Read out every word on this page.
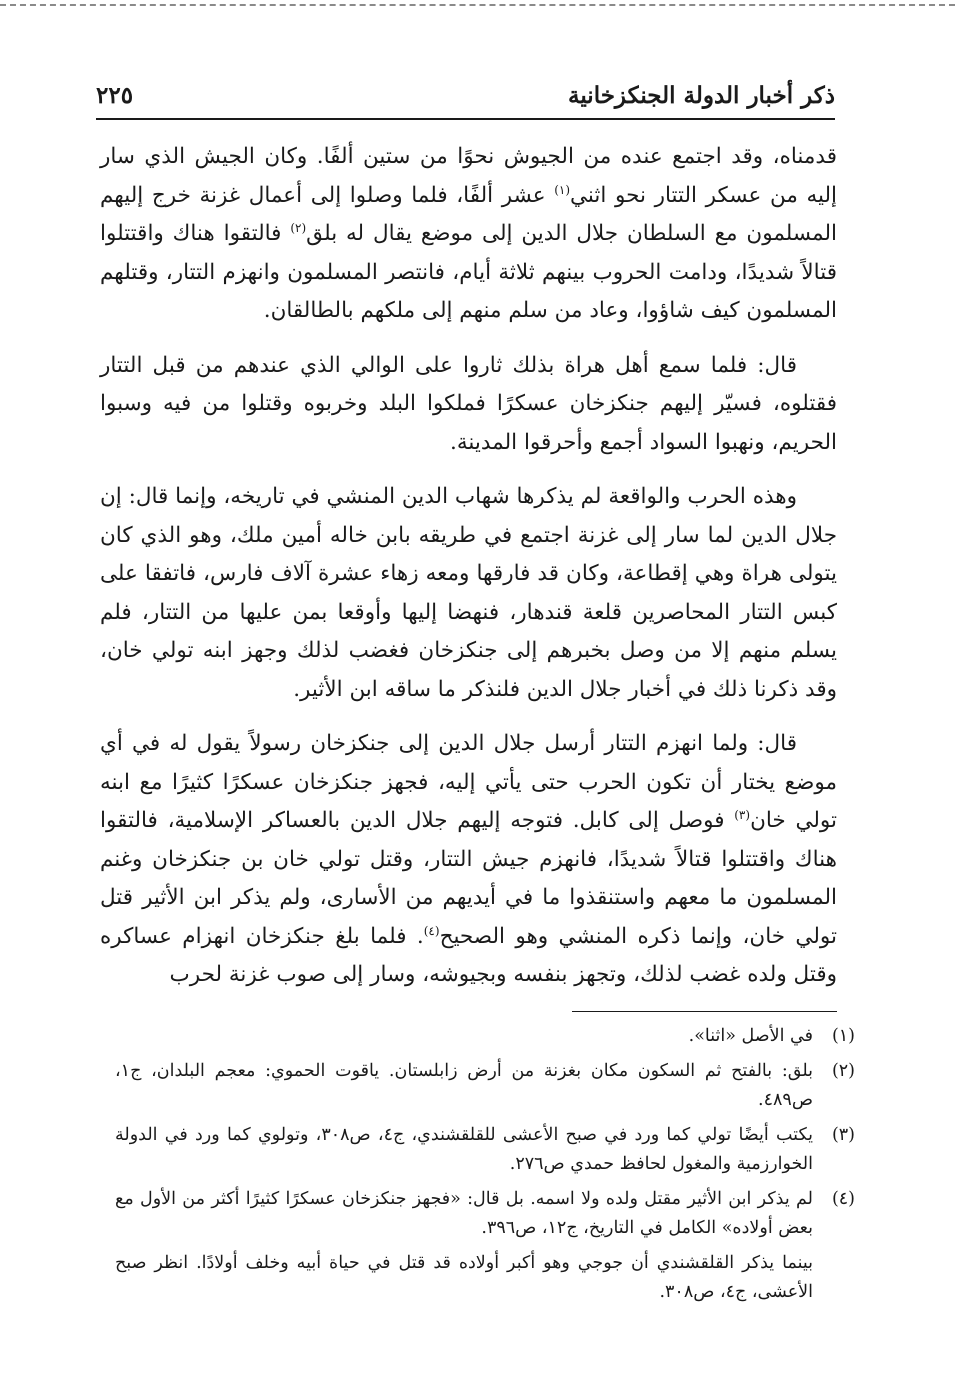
ذكر أخبار الدولة الجنكزخانية
٢٢٥

قدمناه، وقد اجتمع عنده من الجيوش نحوًا من ستين ألفًا. وكان الجيش الذي سار إليه من عسكر التتار نحو اثني$^{(١)}$ عشر ألفًا، فلما وصلوا إلى أعمال غزنة خرج إليهم المسلمون مع السلطان جلال الدين إلى موضع يقال له بلق$^{(٢)}$ فالتقوا هناك واقتتلوا قتالاً شديدًا، ودامت الحروب بينهم ثلاثة أيام، فانتصر المسلمون وانهزم التتار، وقتلهم المسلمون كيف شاؤوا، وعاد من سلم منهم إلى ملكهم بالطالقان.

قال: فلما سمع أهل هراة بذلك ثاروا على الوالي الذي عندهم من قبل التتار فقتلوه، فسيّر إليهم جنكزخان عسكرًا فملكوا البلد وخربوه وقتلوا من فيه وسبوا الحريم، ونهبوا السواد أجمع وأحرقوا المدينة.

وهذه الحرب والواقعة لم يذكرها شهاب الدين المنشي في تاريخه، وإنما قال: إن جلال الدين لما سار إلى غزنة اجتمع في طريقه بابن خاله أمين ملك، وهو الذي كان يتولى هراة وهي إقطاعة، وكان قد فارقها ومعه زهاء عشرة آلاف فارس، فاتفقا على كبس التتار المحاصرين قلعة قندهار، فنهضا إليها وأوقعا بمن عليها من التتار، فلم يسلم منهم إلا من وصل بخبرهم إلى جنكزخان فغضب لذلك وجهز ابنه تولي خان، وقد ذكرنا ذلك في أخبار جلال الدين فلنذكر ما ساقه ابن الأثير.

قال: ولما انهزم التتار أرسل جلال الدين إلى جنكزخان رسولاً يقول له في أي موضع يختار أن تكون الحرب حتى يأتي إليه، فجهز جنكزخان عسكرًا كثيرًا مع ابنه تولي خان$^{(٣)}$ فوصل إلى كابل. فتوجه إليهم جلال الدين بالعساكر الإسلامية، فالتقوا هناك واقتتلوا قتالاً شديدًا، فانهزم جيش التتار، وقتل تولي خان بن جنكزخان وغنم المسلمون ما معهم واستنقذوا ما في أيديهم من الأسارى، ولم يذكر ابن الأثير قتل تولي خان، وإنما ذكره المنشي وهو الصحيح$^{(٤)}$. فلما بلغ جنكزخان انهزام عساكره وقتل ولده غضب لذلك، وتجهز بنفسه وبجيوشه، وسار إلى صوب غزنة لحرب

(١)
في الأصل «اثنا».
(٢)
بلق: بالفتح ثم السكون مكان بغزنة من أرض زابلستان. ياقوت الحموي: معجم البلدان، ج١، ص٤٨٩.
(٣)
يكتب أيضًا تولي كما ورد في صبح الأعشى للقلقشندي، ج٤، ص٣٠٨، وتولوي كما ورد في الدولة الخوارزمية والمغول لحافظ حمدي ص٢٧٦.
(٤)
لم يذكر ابن الأثير مقتل ولده ولا اسمه. بل قال: «فجهز جنكزخان عسكرًا كثيرًا أكثر من الأول مع بعض أولاده» الكامل في التاريخ، ج١٢، ص٣٩٦.
بينما يذكر القلقشندي أن جوجي وهو أكبر أولاده قد قتل في حياة أبيه وخلف أولادًا. انظر صبح الأعشى، ج٤، ص٣٠٨.
